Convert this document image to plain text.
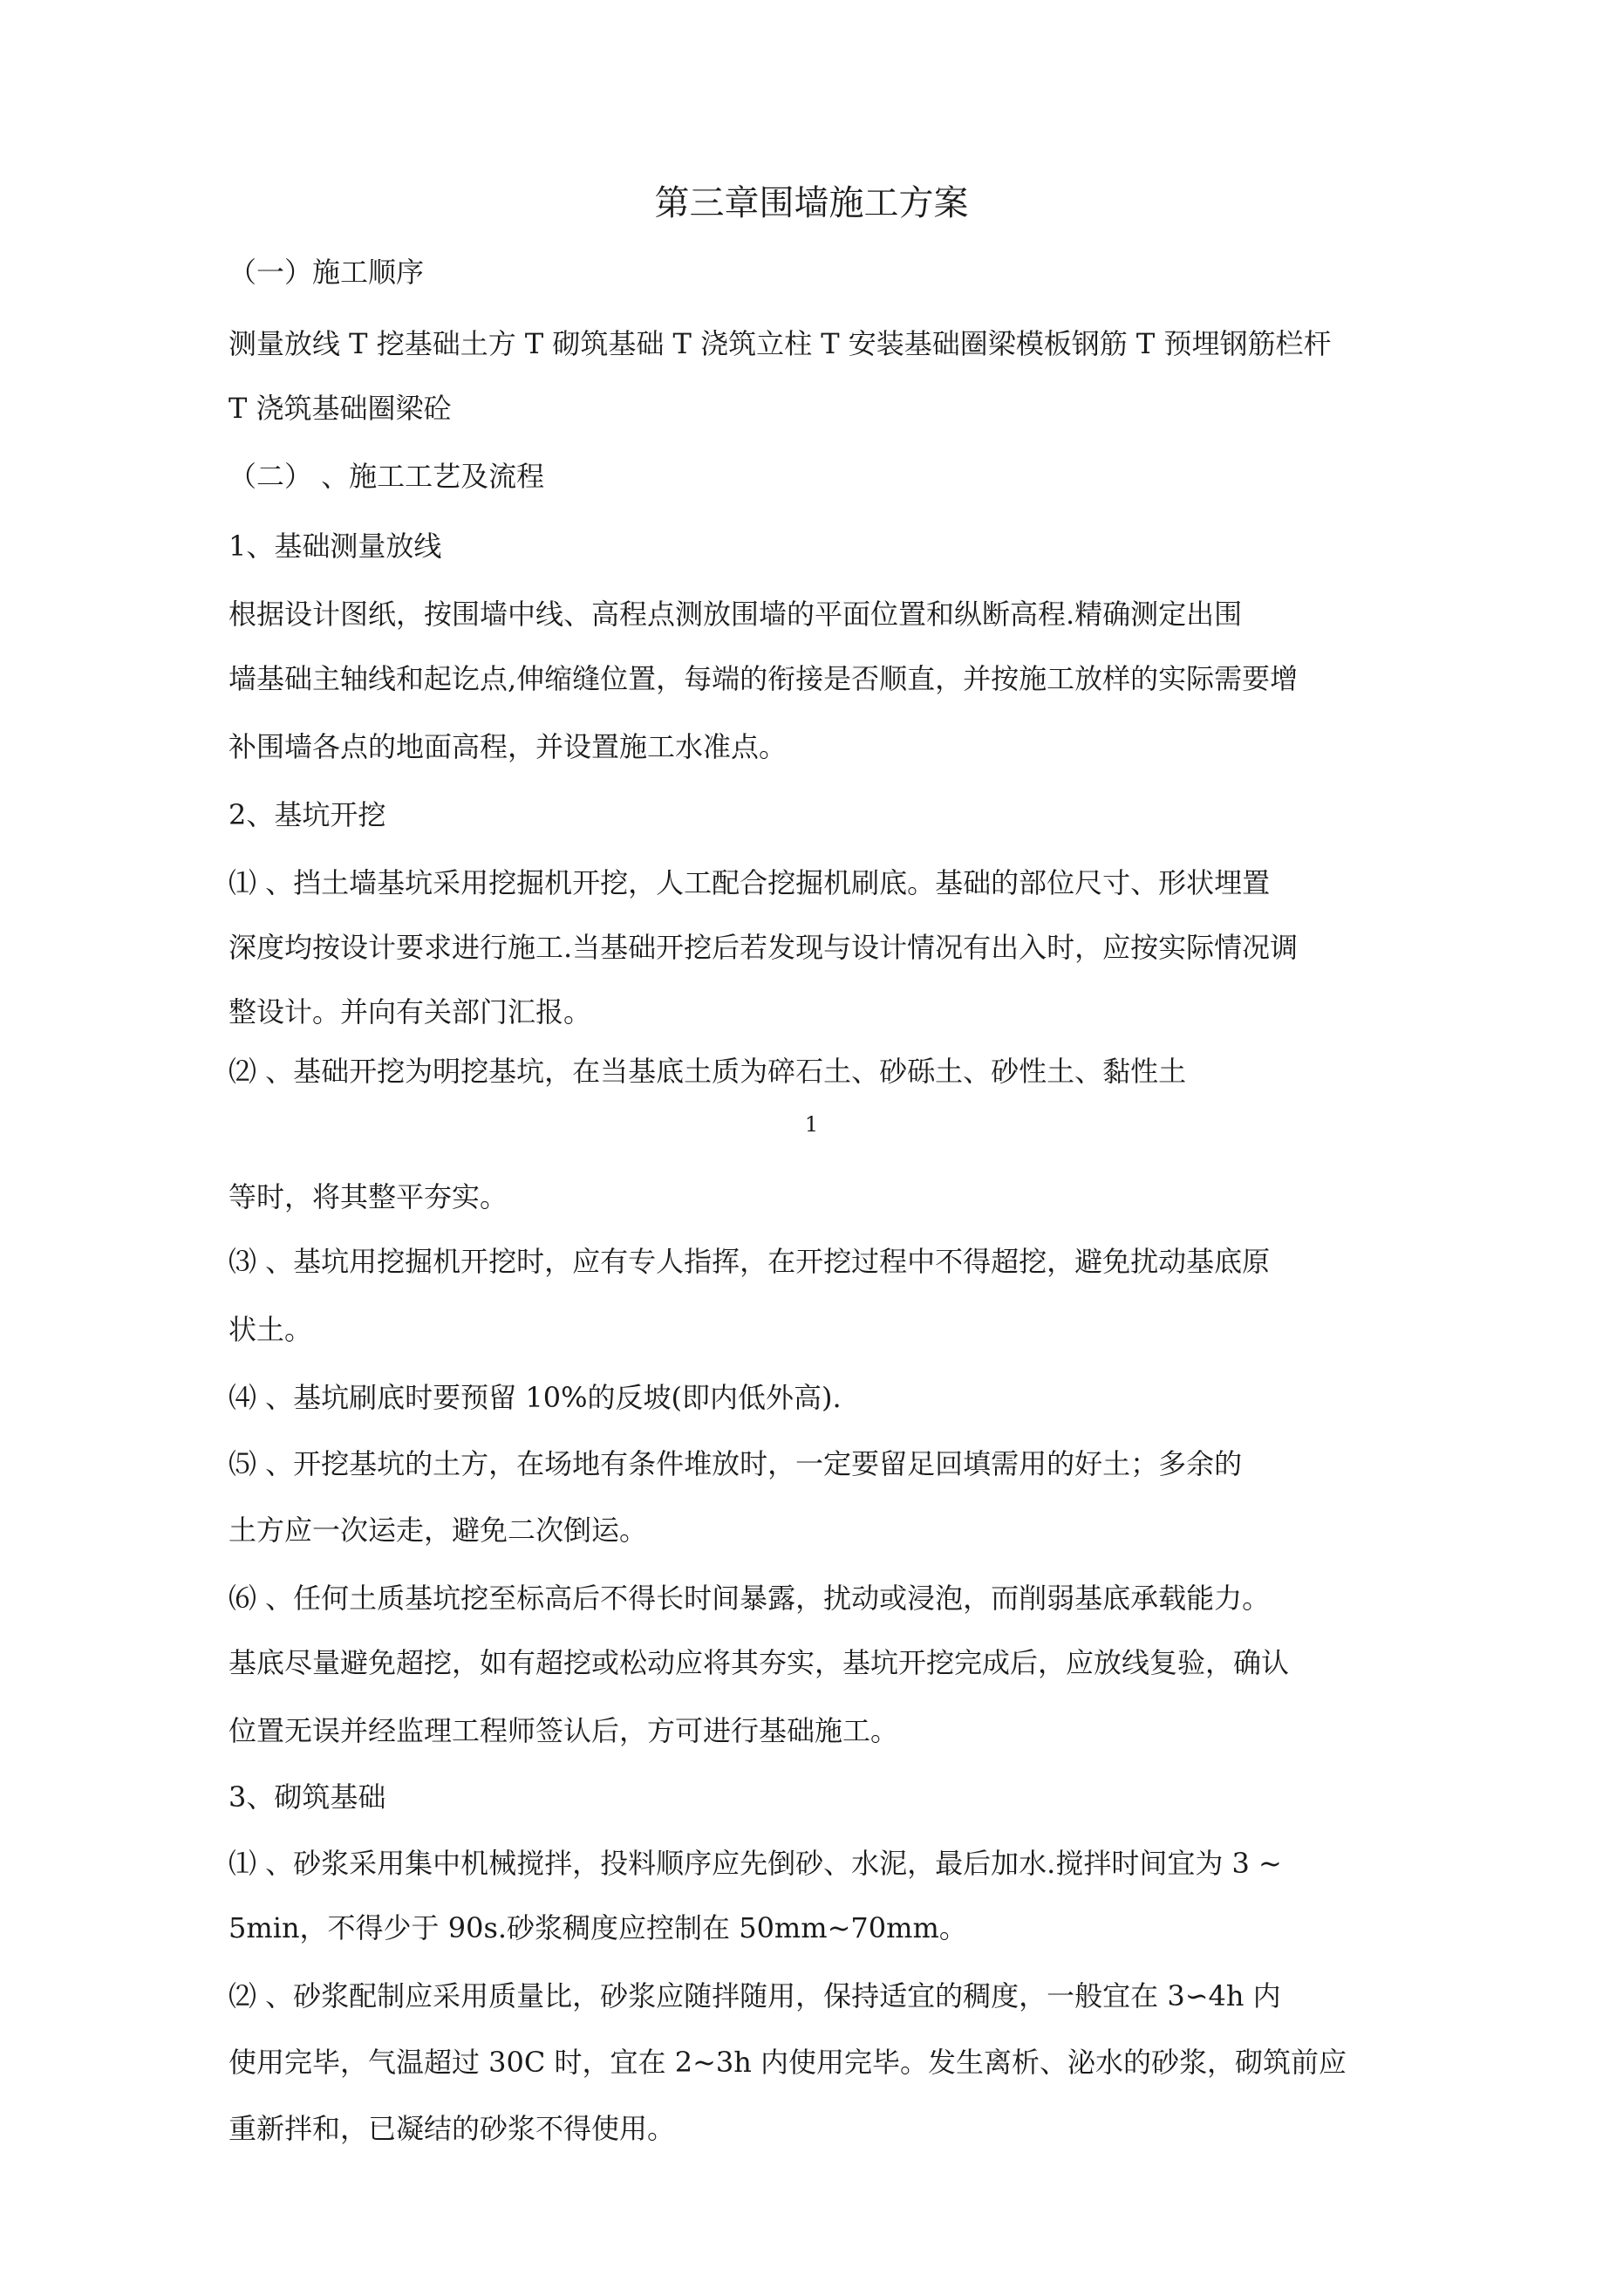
第三章围墙施工方案

（一）施工顺序

测量放线 T 挖基础土方 T 砌筑基础 T 浇筑立柱 T 安装基础圈梁模板钢筋 T 预埋钢筋栏杆

T 浇筑基础圈梁砼

（二） 、施工工艺及流程

1、基础测量放线

根据设计图纸，按围墙中线、高程点测放围墙的平面位置和纵断高程.精确测定出围

墙基础主轴线和起讫点,伸缩缝位置，每端的衔接是否顺直，并按施工放样的实际需要增

补围墙各点的地面高程，并设置施工水准点。

2、基坑开挖

⑴ 、挡土墙基坑采用挖掘机开挖，人工配合挖掘机刷底。基础的部位尺寸、形状埋置

深度均按设计要求进行施工.当基础开挖后若发现与设计情况有出入时，应按实际情况调

整设计。并向有关部门汇报。

⑵ 、基础开挖为明挖基坑，在当基底土质为碎石土、砂砾土、砂性土、黏性土

1

等时，将其整平夯实。

⑶ 、基坑用挖掘机开挖时，应有专人指挥，在开挖过程中不得超挖，避免扰动基底原

状土。

⑷ 、基坑刷底时要预留 10%的反坡(即内低外高).

⑸ 、开挖基坑的土方，在场地有条件堆放时，一定要留足回填需用的好土；多余的

土方应一次运走，避免二次倒运。

⑹ 、任何土质基坑挖至标高后不得长时间暴露，扰动或浸泡，而削弱基底承载能力。

基底尽量避免超挖，如有超挖或松动应将其夯实，基坑开挖完成后，应放线复验，确认

位置无误并经监理工程师签认后，方可进行基础施工。

3、砌筑基础

⑴ 、砂浆采用集中机械搅拌，投料顺序应先倒砂、水泥，最后加水.搅拌时间宜为 3 ~

5min，不得少于 90s.砂浆稠度应控制在 50mm~70mm。

⑵ 、砂浆配制应采用质量比，砂浆应随拌随用，保持适宜的稠度，一般宜在 3∽4h 内

使用完毕，气温超过 30C 时，宜在 2~3h 内使用完毕。发生离析、泌水的砂浆，砌筑前应

重新拌和，已凝结的砂浆不得使用。
